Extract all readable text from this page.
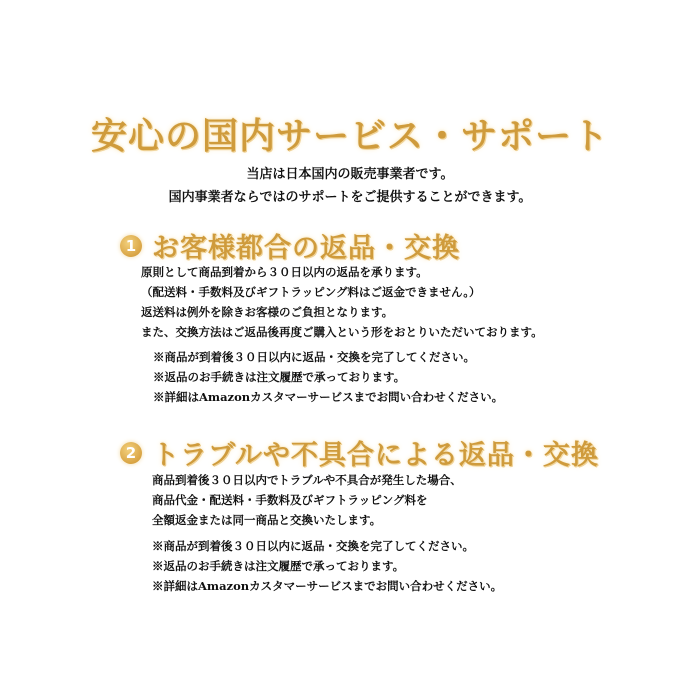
安心の国内サービス・サポート
当店は日本国内の販売事業者です。
国内事業者ならではのサポートをご提供することができます。
1 お客様都合の返品・交換
原則として商品到着から３０日以内の返品を承ります。
（配送料・手数料及びギフトラッピング料はご返金できません。）
返送料は例外を除きお客様のご負担となります。
また、交換方法はご返品後再度ご購入という形をおとりいただいております。
※商品が到着後３０日以内に返品・交換を完了してください。
※返品のお手続きは注文履歴で承っております。
※詳細はAmazonカスタマーサービスまでお問い合わせください。
2 トラブルや不具合による返品・交換
商品到着後３０日以内でトラブルや不具合が発生した場合、
商品代金・配送料・手数料及びギフトラッピング料を
全額返金または同一商品と交換いたします。
※商品が到着後３０日以内に返品・交換を完了してください。
※返品のお手続きは注文履歴で承っております。
※詳細はAmazonカスタマーサービスまでお問い合わせください。
